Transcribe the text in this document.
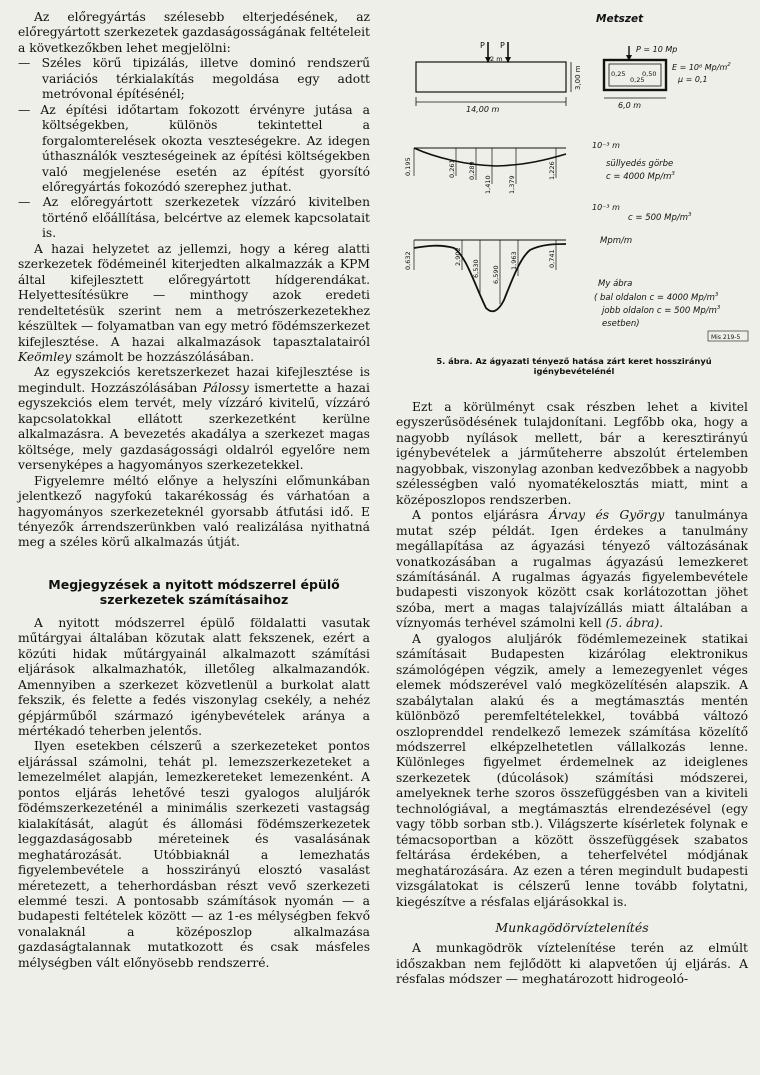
Az előregyártás szélesebb elterjedésének, az előregyártott szerkezetek gazdaságosságának feltételeit a következőkben lehet megjelölni:

— Széles körű tipizálás, illetve dominó rendszerű variációs térkialakítás megoldása egy adott metróvonal építésénél;
— Az építési időtartam fokozott érvényre jutása a költségekben, különös tekintettel a forgalomterelések okozta veszteségekre. Az idegen úthasználók veszteségeinek az építési költségekben való megjelenése esetén az építést gyorsító előregyártás fokozódó szerephez juthat.
— Az előregyártott szerkezetek vízzáró kivitelben történő előállítása, belcértve az elemek kapcsolatait is.

A hazai helyzetet az jellemzi, hogy a kéreg alatti szerkezetek födémeinél kiterjedten alkalmazzák a KPM által kifejlesztett előregyártott hídgerendákat. Helyettesítésükre — minthogy azok eredeti rendeltetésük szerint nem a metrószerkezetekhez készültek — folyamatban van egy metró födémszerkezet kifejlesztése. A hazai alkalmazások tapasztalatairól Keömley számolt be hozzászólásában.

Az egyszekciós keretszerkezet hazai kifejlesztése is megindult. Hozzászólásában Pálossy ismertette a hazai egyszekciós elem tervét, mely vízzáró kivitelű, vízzáró kapcsolatokkal ellátott szerkezetként kerülne alkalmazásra. A bevezetés akadálya a szerkezet magas költsége, mely gazdaságossági oldalról egyelőre nem versenyképes a hagyományos szerkezetekkel.

Figyelemre méltó előnye a helyszíni előmunkában jelentkező nagyfokú takarékosság és várhatóan a hagyományos szerkezeteknél gyorsabb átfutási idő. E tényezők árrendszerünkben való realizálása nyithatná meg a széles körű alkalmazás útját.

Megjegyzések a nyitott módszerrel épülő szerkezetek számításaihoz

A nyitott módszerrel épülő földalatti vasutak műtárgyai általában közutak alatt fekszenek, ezért a közúti hidak műtárgyainál alkalmazott számítási eljárások alkalmazhatók, illetőleg alkalmazandók. Amennyiben a szerkezet közvetlenül a burkolat alatt fekszik, és felette a fedés viszonylag csekély, a nehéz gépjárműből származó igénybevételek aránya a mértékadó teherben jelentős.

Ilyen esetekben célszerű a szerkezeteket pontos eljárással számolni, tehát pl. lemezszerkezeteket a lemezelmélet alapján, lemezkereteket lemezenként. A pontos eljárás lehetővé teszi gyalogos aluljárók födémszerkezeténél a minimális szerkezeti vastagság kialakítását, alagút és állomási födémszerkezetek leggazdaságosabb méreteinek és vasalásának meghatározását. Utóbbiaknál a lemezhatás figyelembevétele a hosszirányú elosztó vasalást méretezett, a teherhordásban részt vevő szerkezeti elemmé teszi. A pontosabb számítások nyomán — a budapesti feltételek között — az 1-es mélységben fekvő vonalaknál a középoszlop alkalmazása gazdaságtalannak mutatkozott és csak másfeles mélységben vált előnyösebb rendszerré.

Metszet
P P
2 m
14,00 m
3,00 m	0,25
0,25
0,50
6,0 m
P = 10 Mp
E = 10⁶ $Mp/m^2$
μ = 0,1
0,195	0,261 0,289
1,410 1,379
1,226
10⁻³ m
süllyedés görbe
c = 4000 $Mp/m^3$
10⁻³ m
c = 500 $Mp/m^3$
0,632	2,902
6,530 6,590
1,963	0,741
Mpm/m
My ábra
( bal oldalon c = 4000 $Mp/m^3$
jobb oldalon c = 500 $Mp/m^3$
esetben)
Mis 219-5
5. ábra. Az ágyazati tényező hatása zárt keret hosszirányú igénybevételénél

Ezt a körülményt csak részben lehet a kivitel egyszerűsödésének tulajdonítani. Legfőbb oka, hogy a nagyobb nyílások mellett, bár a keresztirányú igénybevételek a járműteherre abszolút értelemben nagyobbak, viszonylag azonban kedvezőbbek a nagyobb szélességben való nyomatékelosztás miatt, mint a középoszlopos rendszerben.

A pontos eljárásra Árvay és György tanulmánya mutat szép példát. Igen érdekes a tanulmány megállapítása az ágyazási tényező változásának vonatkozásában a rugalmas ágyazású lemezkeret számításánál. A rugalmas ágyazás figyelembevétele budapesti viszonyok között csak korlátozottan jöhet szóba, mert a magas talajvízállás miatt általában a víznyomás terhével számolni kell (5. ábra).

A gyalogos aluljárók födémlemezeinek statikai számításait Budapesten kizárólag elektronikus számológépen végzik, amely a lemezegyenlet véges elemek módszerével való megközelítésén alapszik. A szabálytalan alakú és a megtámasztás mentén különböző peremfeltételekkel, továbbá változó oszloprenddel rendelkező lemezek számítása közelítő módszerrel elképzelhetetlen vállalkozás lenne. Különleges figyelmet érdemelnek az ideiglenes szerkezetek (dúcolások) számítási módszerei, amelyeknek terhe szoros összefüggésben van a kiviteli technológiával, a megtámasztás elrendezésével (egy vagy több sorban stb.). Világszerte kísérletek folynak e témacsoportban a között összefüggések szabatos feltárása érdekében, a teherfelvétel módjának meghatározására. Az ezen a téren megindult budapesti vizsgálatokat is célszerű lenne tovább folytatni, kiegészítve a résfalas eljárásokkal is.

Munkagödörvíztelenítés

A munkagödrök víztelenítése terén az elmúlt időszakban nem fejlődött ki alapvetően új eljárás. A résfalas módszer — meghatározott hidrogeoló-
